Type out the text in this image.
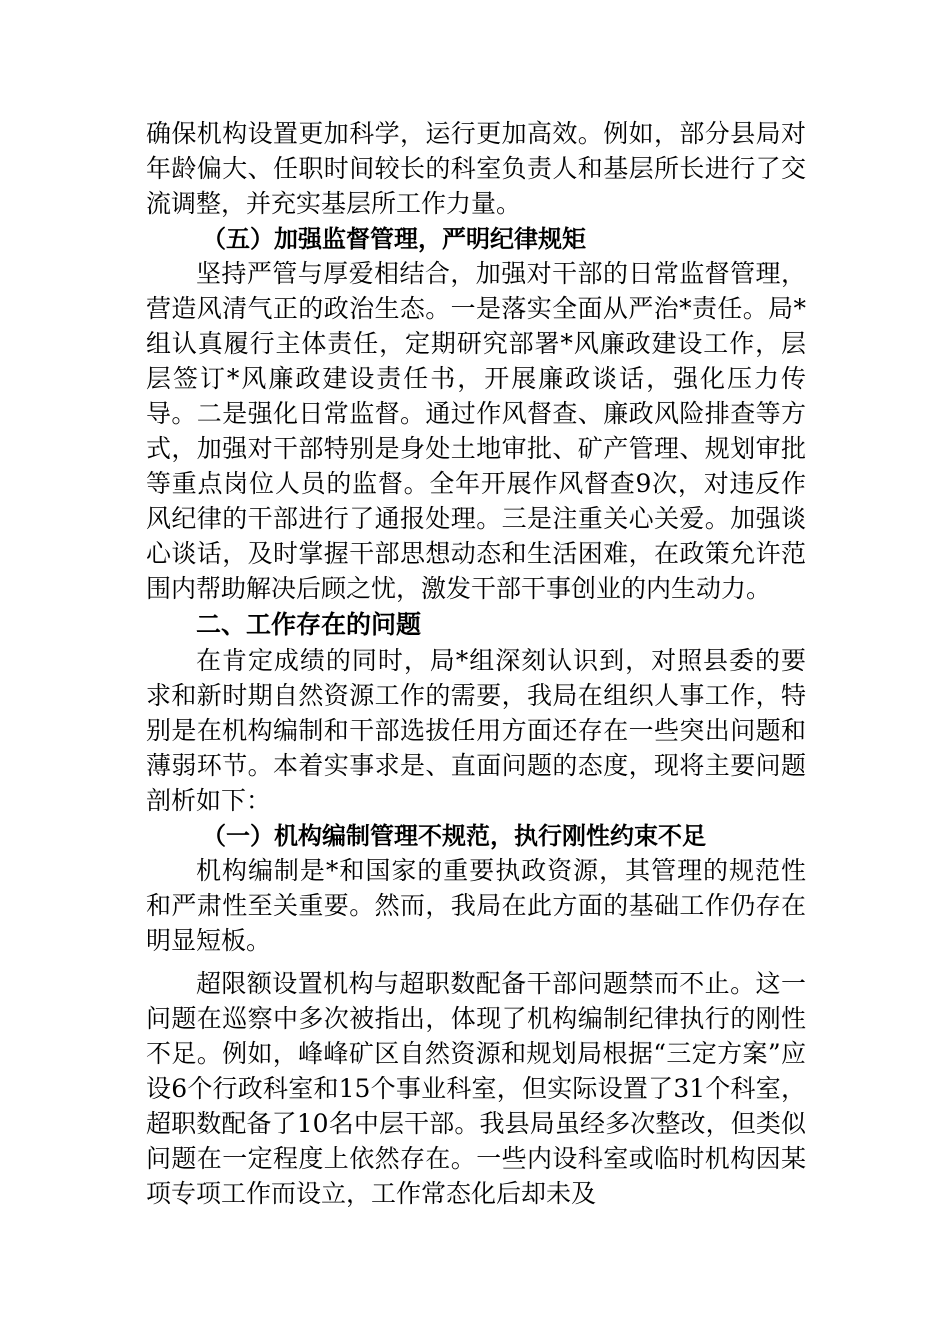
确保机构设置更加科学，运行更加高效。例如，部分县局对年龄偏大、任职时间较长的科室负责人和基层所长进行了交流调整，并充实基层所工作力量。

（五）加强监督管理，严明纪律规矩

坚持严管与厚爱相结合，加强对干部的日常监督管理，营造风清气正的政治生态。一是落实全面从严治*责任。局*组认真履行主体责任，定期研究部署*风廉政建设工作，层层签订*风廉政建设责任书，开展廉政谈话，强化压力传导。二是强化日常监督。通过作风督查、廉政风险排查等方式，加强对干部特别是身处土地审批、矿产管理、规划审批等重点岗位人员的监督。全年开展作风督查9次，对违反作风纪律的干部进行了通报处理。三是注重关心关爱。加强谈心谈话，及时掌握干部思想动态和生活困难，在政策允许范围内帮助解决后顾之忧，激发干部干事创业的内生动力。

二、工作存在的问题

在肯定成绩的同时，局*组深刻认识到，对照县委的要求和新时期自然资源工作的需要，我局在组织人事工作，特别是在机构编制和干部选拔任用方面还存在一些突出问题和薄弱环节。本着实事求是、直面问题的态度，现将主要问题剖析如下：

（一）机构编制管理不规范，执行刚性约束不足

机构编制是*和国家的重要执政资源，其管理的规范性和严肃性至关重要。然而，我局在此方面的基础工作仍存在明显短板。

超限额设置机构与超职数配备干部问题禁而不止。这一问题在巡察中多次被指出，体现了机构编制纪律执行的刚性不足。例如，峰峰矿区自然资源和规划局根据“三定方案”应设6个行政科室和15个事业科室，但实际设置了31个科室，超职数配备了10名中层干部。我县局虽经多次整改，但类似问题在一定程度上依然存在。一些内设科室或临时机构因某项专项工作而设立，工作常态化后却未及
